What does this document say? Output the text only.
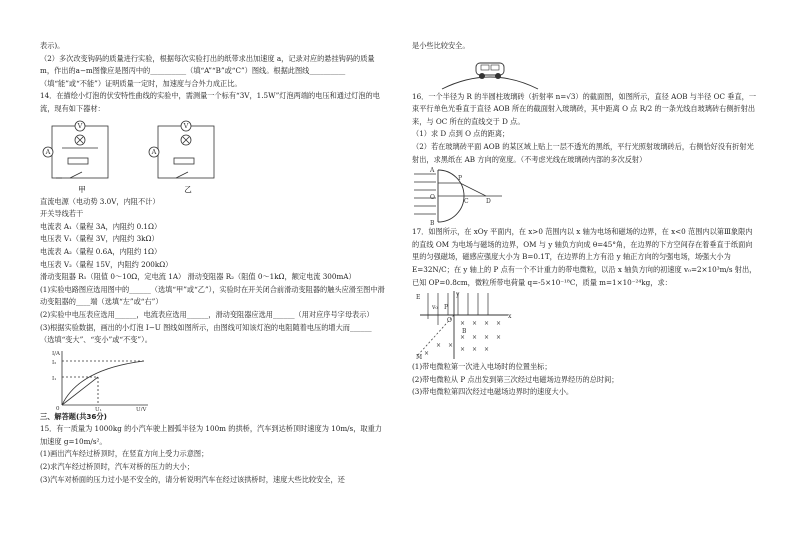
表示)。

（2）多次改变钩码的质量进行实验，根据每次实验打出的纸带求出加速度 a，记录对应的悬挂钩码的质量m，作出的a−m图像应是图丙中的__________（填“A”“B”或“C”）图线。根据此图线__________（填“能”或“不能”）证明质量一定时，加速度与合外力成正比。

14．在描绘小灯泡的伏安特性曲线的实验中，需测量一个标有“3V，1.5W”灯泡两端的电压和通过灯泡的电流，现有如下器材：

V
A
V
A
甲	乙

直流电源（电动势 3.0V，内阻不计）

开关导线若干

电流表 A₁（量程 3A，内阻约 0.1Ω）

电压表 V₁（量程 3V，内阻约 3kΩ）

电流表 A₂（量程 0.6A，内阻约 1Ω）

电压表 V₂（量程 15V，内阻约 200kΩ）

滑动变阻器 R₁（阻值 0～10Ω，定电流 1A） 滑动变阻器 R₂（阻值 0～1kΩ，额定电流 300mA）

(1)实验电路图应选用图中的______（选填“甲”或“乙”），实验时在开关闭合前滑动变阻器的触头应滑至图中滑动变阻器的____端（选填“左”或“右”）

(2)实验中电压表应选用______，电流表应选用______，滑动变阻器应选用______（用对应序号字母表示）

(3)根据实验数据，画出的小灯泡 I−U 图线如图所示，由图线可知该灯泡的电阻随着电压的增大而______（选填“变大”、“变小”或“不变”）。

I/A
I₂
I₁
0	U₁	U/V

三、解答题(共36分)

15．有一质量为 1000kg 的小汽车驶上圆弧半径为 100m 的拱桥，汽车到达桥顶时速度为 10m/s，取重力加速度 g=10m/s²。

(1)画出汽车经过桥顶时，在竖直方向上受力示意图；

(2)求汽车经过桥顶时，汽车对桥的压力的大小；

(3)汽车对桥面的压力过小是不安全的，请分析说明汽车在经过该拱桥时，速度大些比较安全，还

是小些比较安全。

16．一个半径为 R 的半圆柱玻璃砖（折射率 n=√3）的截面图，如图所示，直径 AOB 与半径 OC 垂直，一束平行单色光垂直于直径 AOB 所在的截面射入玻璃砖，其中距离 O 点 R/2 的一条光线自玻璃砖右侧折射出来，与 OC 所在的直线交于 D 点。

（1）求 D 点到 O 点的距离；

（2）若在玻璃砖平面 AOB 的某区域上贴上一层不透光的黑纸，平行光照射玻璃砖后，右侧恰好没有折射光射出，求黑纸在 AB 方向的宽度。（不考虑光线在玻璃砖内部的多次反射）

A
O
B
P
C	D

17．如图所示，在 xOy 平面内，在 x>0 范围内以 x 轴为电场和磁场的边界，在 x<0 范围内以第Ⅲ象限内的直线 OM 为电场与磁场的边界，OM 与 y 轴负方向成 θ=45°角，在边界的下方空间存在着垂直于纸面向里的匀强磁场，磁感应强度大小为 B=0.1T，在边界的上方有沿 y 轴正方向的匀强电场，场强大小为 E=32N/C；在 y 轴上的 P 点有一个不计重力的带电微粒，以沿 x 轴负方向的初速度 v₀=2×10³m/s 射出，已知 OP=0.8cm，微粒所带电荷量 q=-5×10⁻¹⁸C，质量 m=1×10⁻²⁴kg，求：

E	y
P
O
v₀
B
x
M
× × × ×
× × × ×
× ×
× × ×
×

(1)带电微粒第一次进入电场时的位置坐标；

(2)带电微粒从 P 点出发到第三次经过电磁场边界经历的总时间；

(3)带电微粒第四次经过电磁场边界时的速度大小。
